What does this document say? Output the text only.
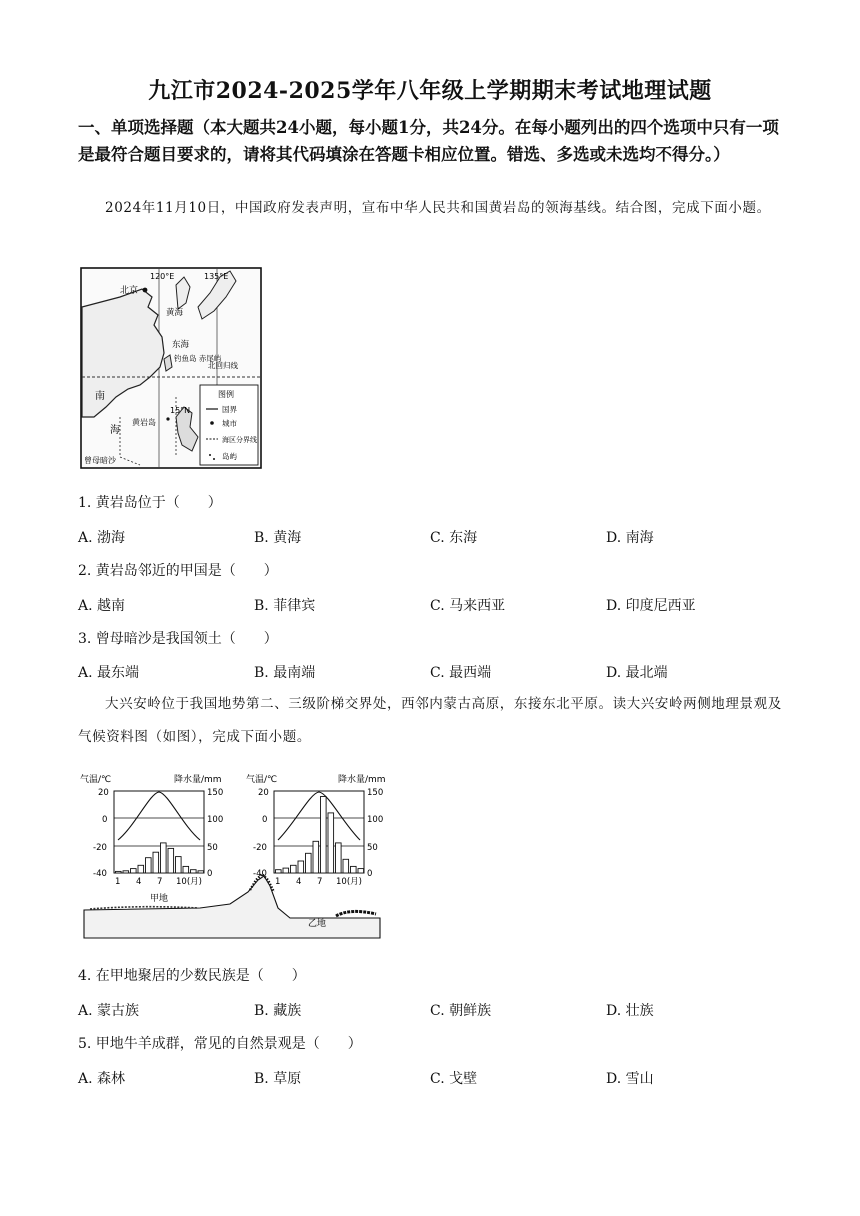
九江市2024-2025学年八年级上学期期末考试地理试题
一、单项选择题（本大题共24小题，每小题1分，共24分。在每小题列出的四个选项中只有一项是最符合题目要求的，请将其代码填涂在答题卡相应位置。错选、多选或未选均不得分。）
2024年11月10日，中国政府发表声明，宣布中华人民共和国黄岩岛的领海基线。结合图，完成下面小题。
120°E	135°E
15°N
北京
黄海
东海
钓鱼岛 赤尾屿
北回归线
南
海
黄岩岛
曾母暗沙
图例
国界
城市
海区分界线
岛屿
1. 黄岩岛位于（　　）
A. 渤海	B. 黄海	C. 东海	D. 南海
2. 黄岩岛邻近的甲国是（　　）
A. 越南	B. 菲律宾	C. 马来西亚	D. 印度尼西亚
3. 曾母暗沙是我国领土（　　）
A. 最东端	B. 最南端	C. 最西端	D. 最北端
大兴安岭位于我国地势第二、三级阶梯交界处，西邻内蒙古高原，东接东北平原。读大兴安岭两侧地理景观及气候资料图（如图），完成下面小题。
气温/℃	降水量/mm	气温/℃	降水量/mm
20
0
-20
-40
150
100
50
0
1 4 7 10(月)
20
0
-20
-40
150
100
50
0
1 4 7 10(月)
甲地
乙地
4. 在甲地聚居的少数民族是（　　）
A. 蒙古族	B. 藏族	C. 朝鲜族	D. 壮族
5. 甲地牛羊成群，常见的自然景观是（　　）
A. 森林	B. 草原	C. 戈壁	D. 雪山
